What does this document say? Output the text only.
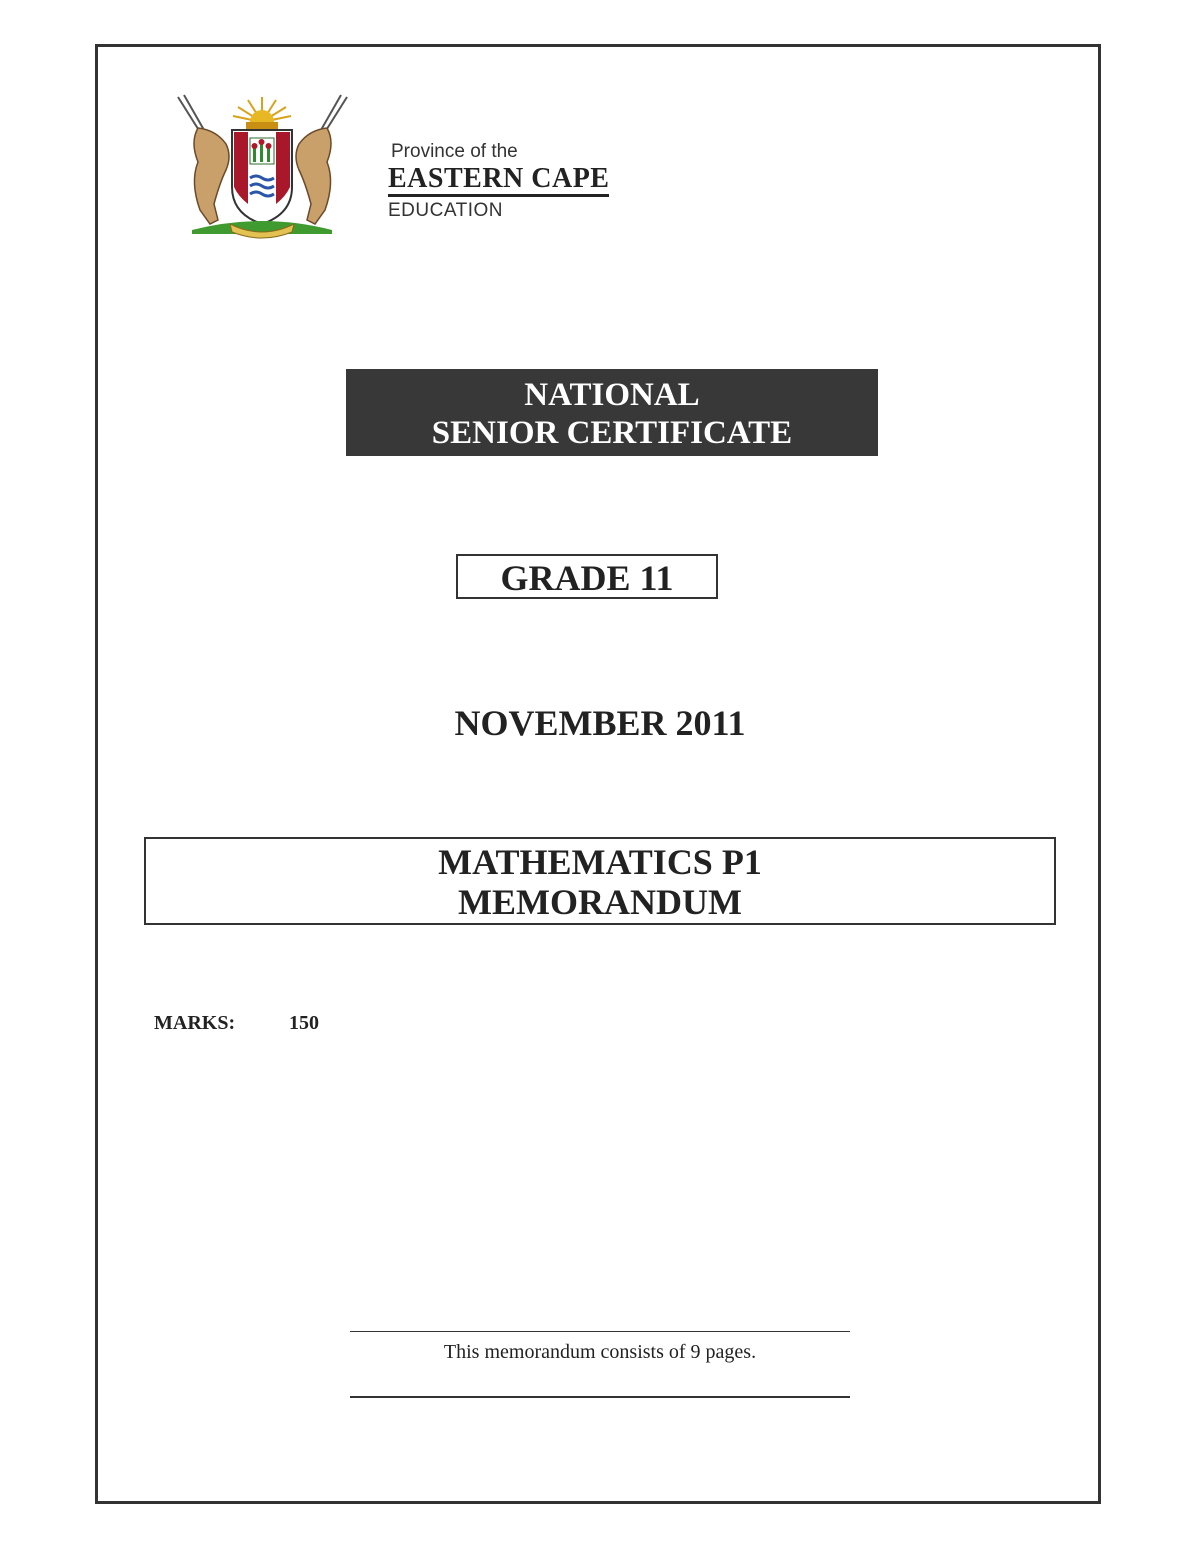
Province of the
EASTERN CAPE
EDUCATION
NATIONAL
SENIOR CERTIFICATE
GRADE 11
NOVEMBER 2011
MATHEMATICS P1
MEMORANDUM
MARKS:	150
This memorandum consists of 9 pages.
